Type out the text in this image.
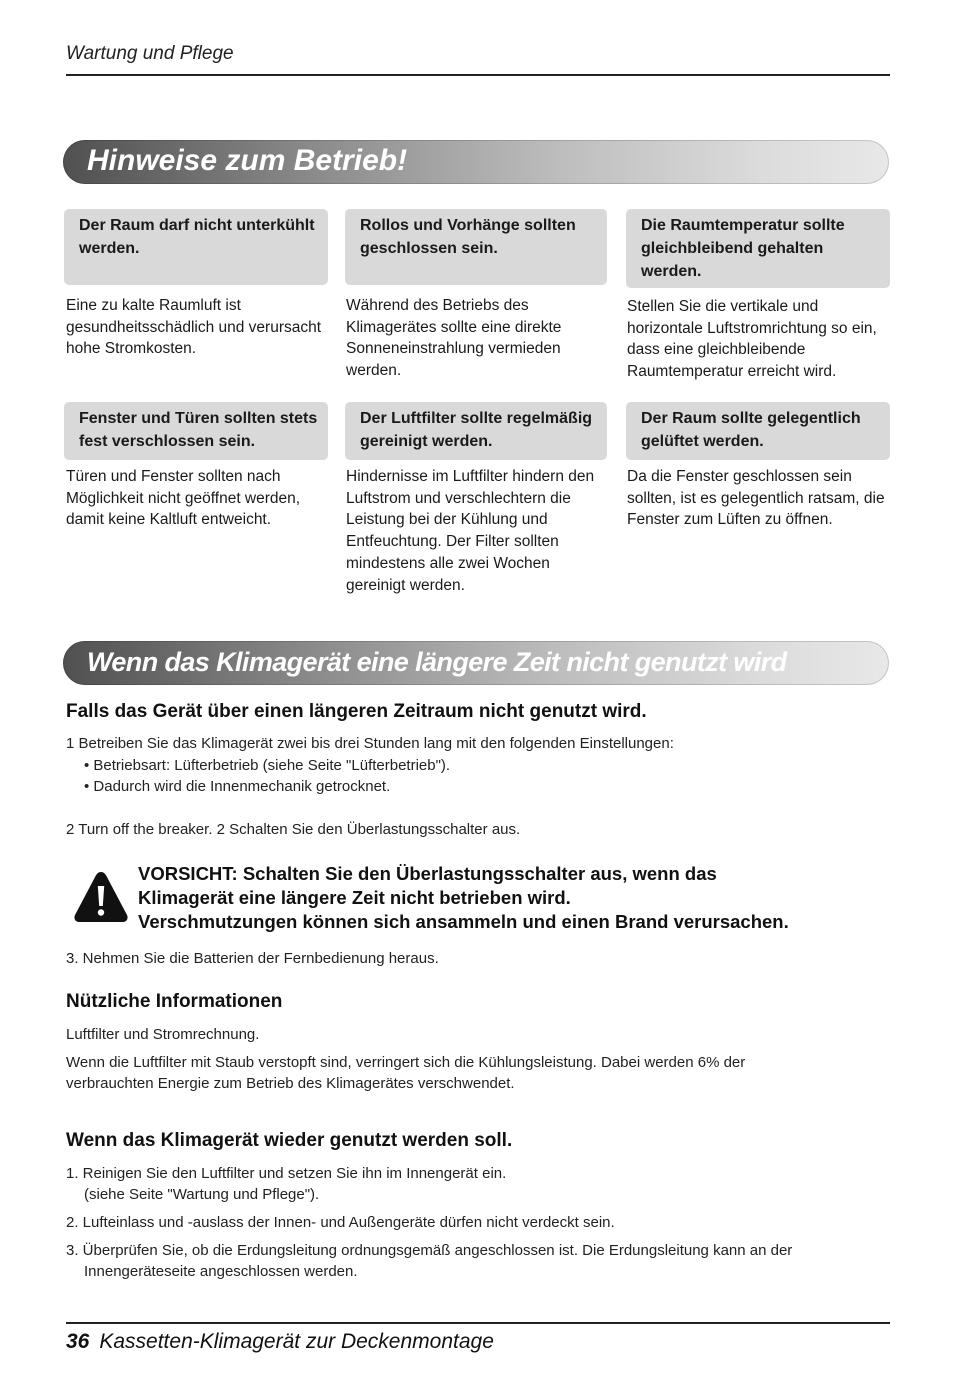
Wartung und Pflege
Hinweise zum Betrieb!
Der Raum darf nicht unterkühlt werden.
Rollos und Vorhänge sollten geschlossen sein.
Die Raumtemperatur sollte gleichbleibend gehalten werden.
Eine zu kalte Raumluft ist gesundheitsschädlich und verursacht hohe Stromkosten.
Während des Betriebs des Klimagerätes sollte eine direkte Sonneneinstrahlung vermieden werden.
Stellen Sie die vertikale und horizontale Luftstromrichtung so ein, dass eine gleichbleibende Raumtemperatur erreicht wird.
Fenster und Türen sollten stets fest verschlossen sein.
Der Luftfilter sollte regelmäßig gereinigt werden.
Der Raum sollte gelegentlich gelüftet werden.
Türen und Fenster sollten nach Möglichkeit nicht geöffnet werden, damit keine Kaltluft entweicht.
Hindernisse im Luftfilter hindern den Luftstrom und verschlechtern die Leistung bei der Kühlung und Entfeuchtung. Der Filter sollten mindestens alle zwei Wochen gereinigt werden.
Da die Fenster geschlossen sein sollten, ist es gelegentlich ratsam, die Fenster zum Lüften zu öffnen.
Wenn das Klimagerät eine längere Zeit nicht genutzt wird
Falls das Gerät über einen längeren Zeitraum nicht genutzt wird.
1 Betreiben Sie das Klimagerät zwei bis drei Stunden lang mit den folgenden Einstellungen:
• Betriebsart: Lüfterbetrieb (siehe Seite "Lüfterbetrieb").
• Dadurch wird die Innenmechanik getrocknet.
2 Turn off the breaker. 2 Schalten Sie den Überlastungsschalter aus.
VORSICHT: Schalten Sie den Überlastungsschalter aus, wenn das
Klimagerät eine längere Zeit nicht betrieben wird.
Verschmutzungen können sich ansammeln und einen Brand verursachen.
3. Nehmen Sie die Batterien der Fernbedienung heraus.
Nützliche Informationen
Luftfilter und Stromrechnung.
Wenn die Luftfilter mit Staub verstopft sind, verringert sich die Kühlungsleistung. Dabei werden 6% der verbrauchten Energie zum Betrieb des Klimagerätes verschwendet.
Wenn das Klimagerät wieder genutzt werden soll.
1. Reinigen Sie den Luftfilter und setzen Sie ihn im Innengerät ein.
(siehe Seite "Wartung und Pflege").
2. Lufteinlass und -auslass der Innen- und Außengeräte dürfen nicht verdeckt sein.
3. Überprüfen Sie, ob die Erdungsleitung ordnungsgemäß angeschlossen ist. Die Erdungsleitung kann an der
Innengeräteseite angeschlossen werden.
36 Kassetten-Klimagerät zur Deckenmontage
